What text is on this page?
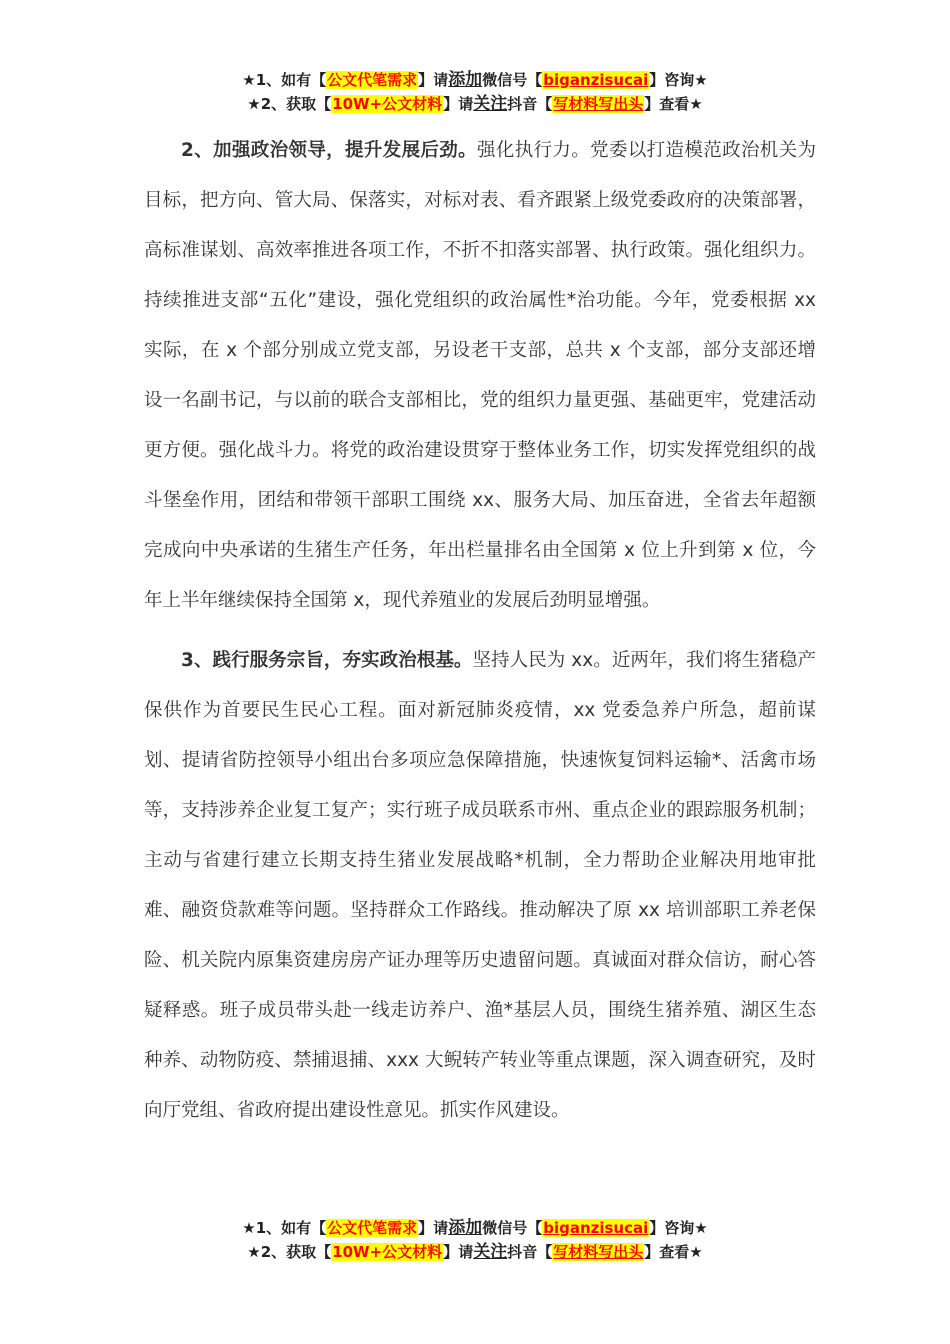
★1、如有【公文代笔需求】请添加微信号【biganzisucai】咨询★
★2、获取【10W+公文材料】请关注抖音【写材料写出头】查看★

2、加强政治领导，提升发展后劲。强化执行力。党委以打造模范政治机关为目标，把方向、管大局、保落实，对标对表、看齐跟紧上级党委政府的决策部署，高标准谋划、高效率推进各项工作，不折不扣落实部署、执行政策。强化组织力。持续推进支部“五化”建设，强化党组织的政治属性*治功能。今年，党委根据 xx 实际，在 x 个部分别成立党支部，另设老干支部，总共 x 个支部，部分支部还增设一名副书记，与以前的联合支部相比，党的组织力量更强、基础更牢，党建活动更方便。强化战斗力。将党的政治建设贯穿于整体业务工作，切实发挥党组织的战斗堡垒作用，团结和带领干部职工围绕 xx、服务大局、加压奋进，全省去年超额完成向中央承诺的生猪生产任务，年出栏量排名由全国第 x 位上升到第 x 位，今年上半年继续保持全国第 x，现代养殖业的发展后劲明显增强。

3、践行服务宗旨，夯实政治根基。坚持人民为 xx。近两年，我们将生猪稳产保供作为首要民生民心工程。面对新冠肺炎疫情，xx 党委急养户所急，超前谋划、提请省防控领导小组出台多项应急保障措施，快速恢复饲料运输*、活禽市场等，支持涉养企业复工复产；实行班子成员联系市州、重点企业的跟踪服务机制；主动与省建行建立长期支持生猪业发展战略*机制，全力帮助企业解决用地审批难、融资贷款难等问题。坚持群众工作路线。推动解决了原 xx 培训部职工养老保险、机关院内原集资建房房产证办理等历史遗留问题。真诚面对群众信访，耐心答疑释惑。班子成员带头赴一线走访养户、渔*基层人员，围绕生猪养殖、湖区生态种养、动物防疫、禁捕退捕、xxx 大鲵转产转业等重点课题，深入调查研究，及时向厅党组、省政府提出建设性意见。抓实作风建设。

★1、如有【公文代笔需求】请添加微信号【biganzisucai】咨询★
★2、获取【10W+公文材料】请关注抖音【写材料写出头】查看★
